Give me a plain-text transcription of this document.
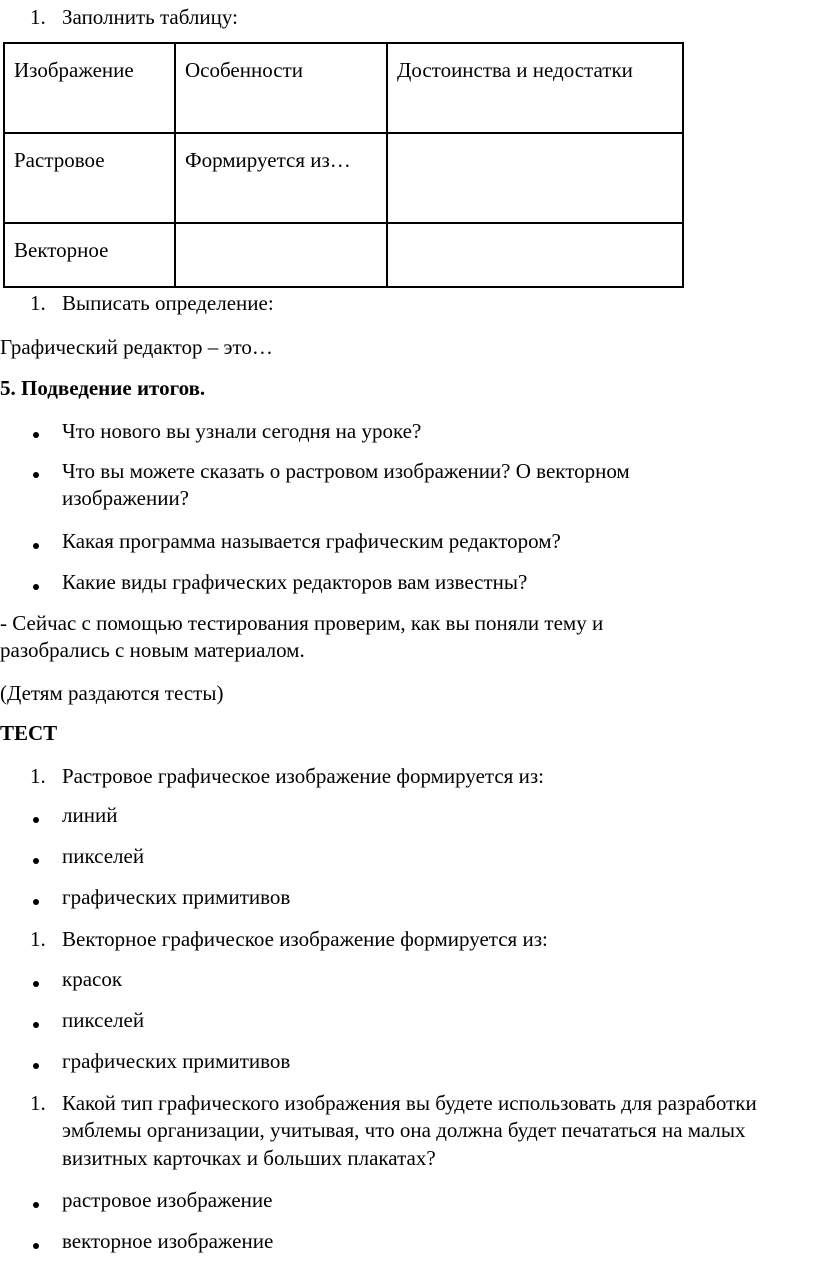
1. Заполнить таблицу:
Изображение	Особенности	Достоинства и недостатки
Растровое	Формируется из…	
Векторное		
1. Выписать определение:
Графический редактор – это…
5. Подведение итогов.
Что нового вы узнали сегодня на уроке?
Что вы можете сказать о растровом изображении? О векторном изображении?
Какая программа называется графическим редактором?
Какие виды графических редакторов вам известны?
- Сейчас с помощью тестирования проверим, как вы поняли тему и разобрались с новым материалом.
(Детям раздаются тесты)
ТЕСТ
1. Растровое графическое изображение формируется из:
линий
пикселей
графических примитивов
1. Векторное графическое изображение формируется из:
красок
пикселей
графических примитивов
1. Какой тип графического изображения вы будете использовать для разработки эмблемы организации, учитывая, что она должна будет печататься на малых визитных карточках и больших плакатах?
растровое изображение
векторное изображение
